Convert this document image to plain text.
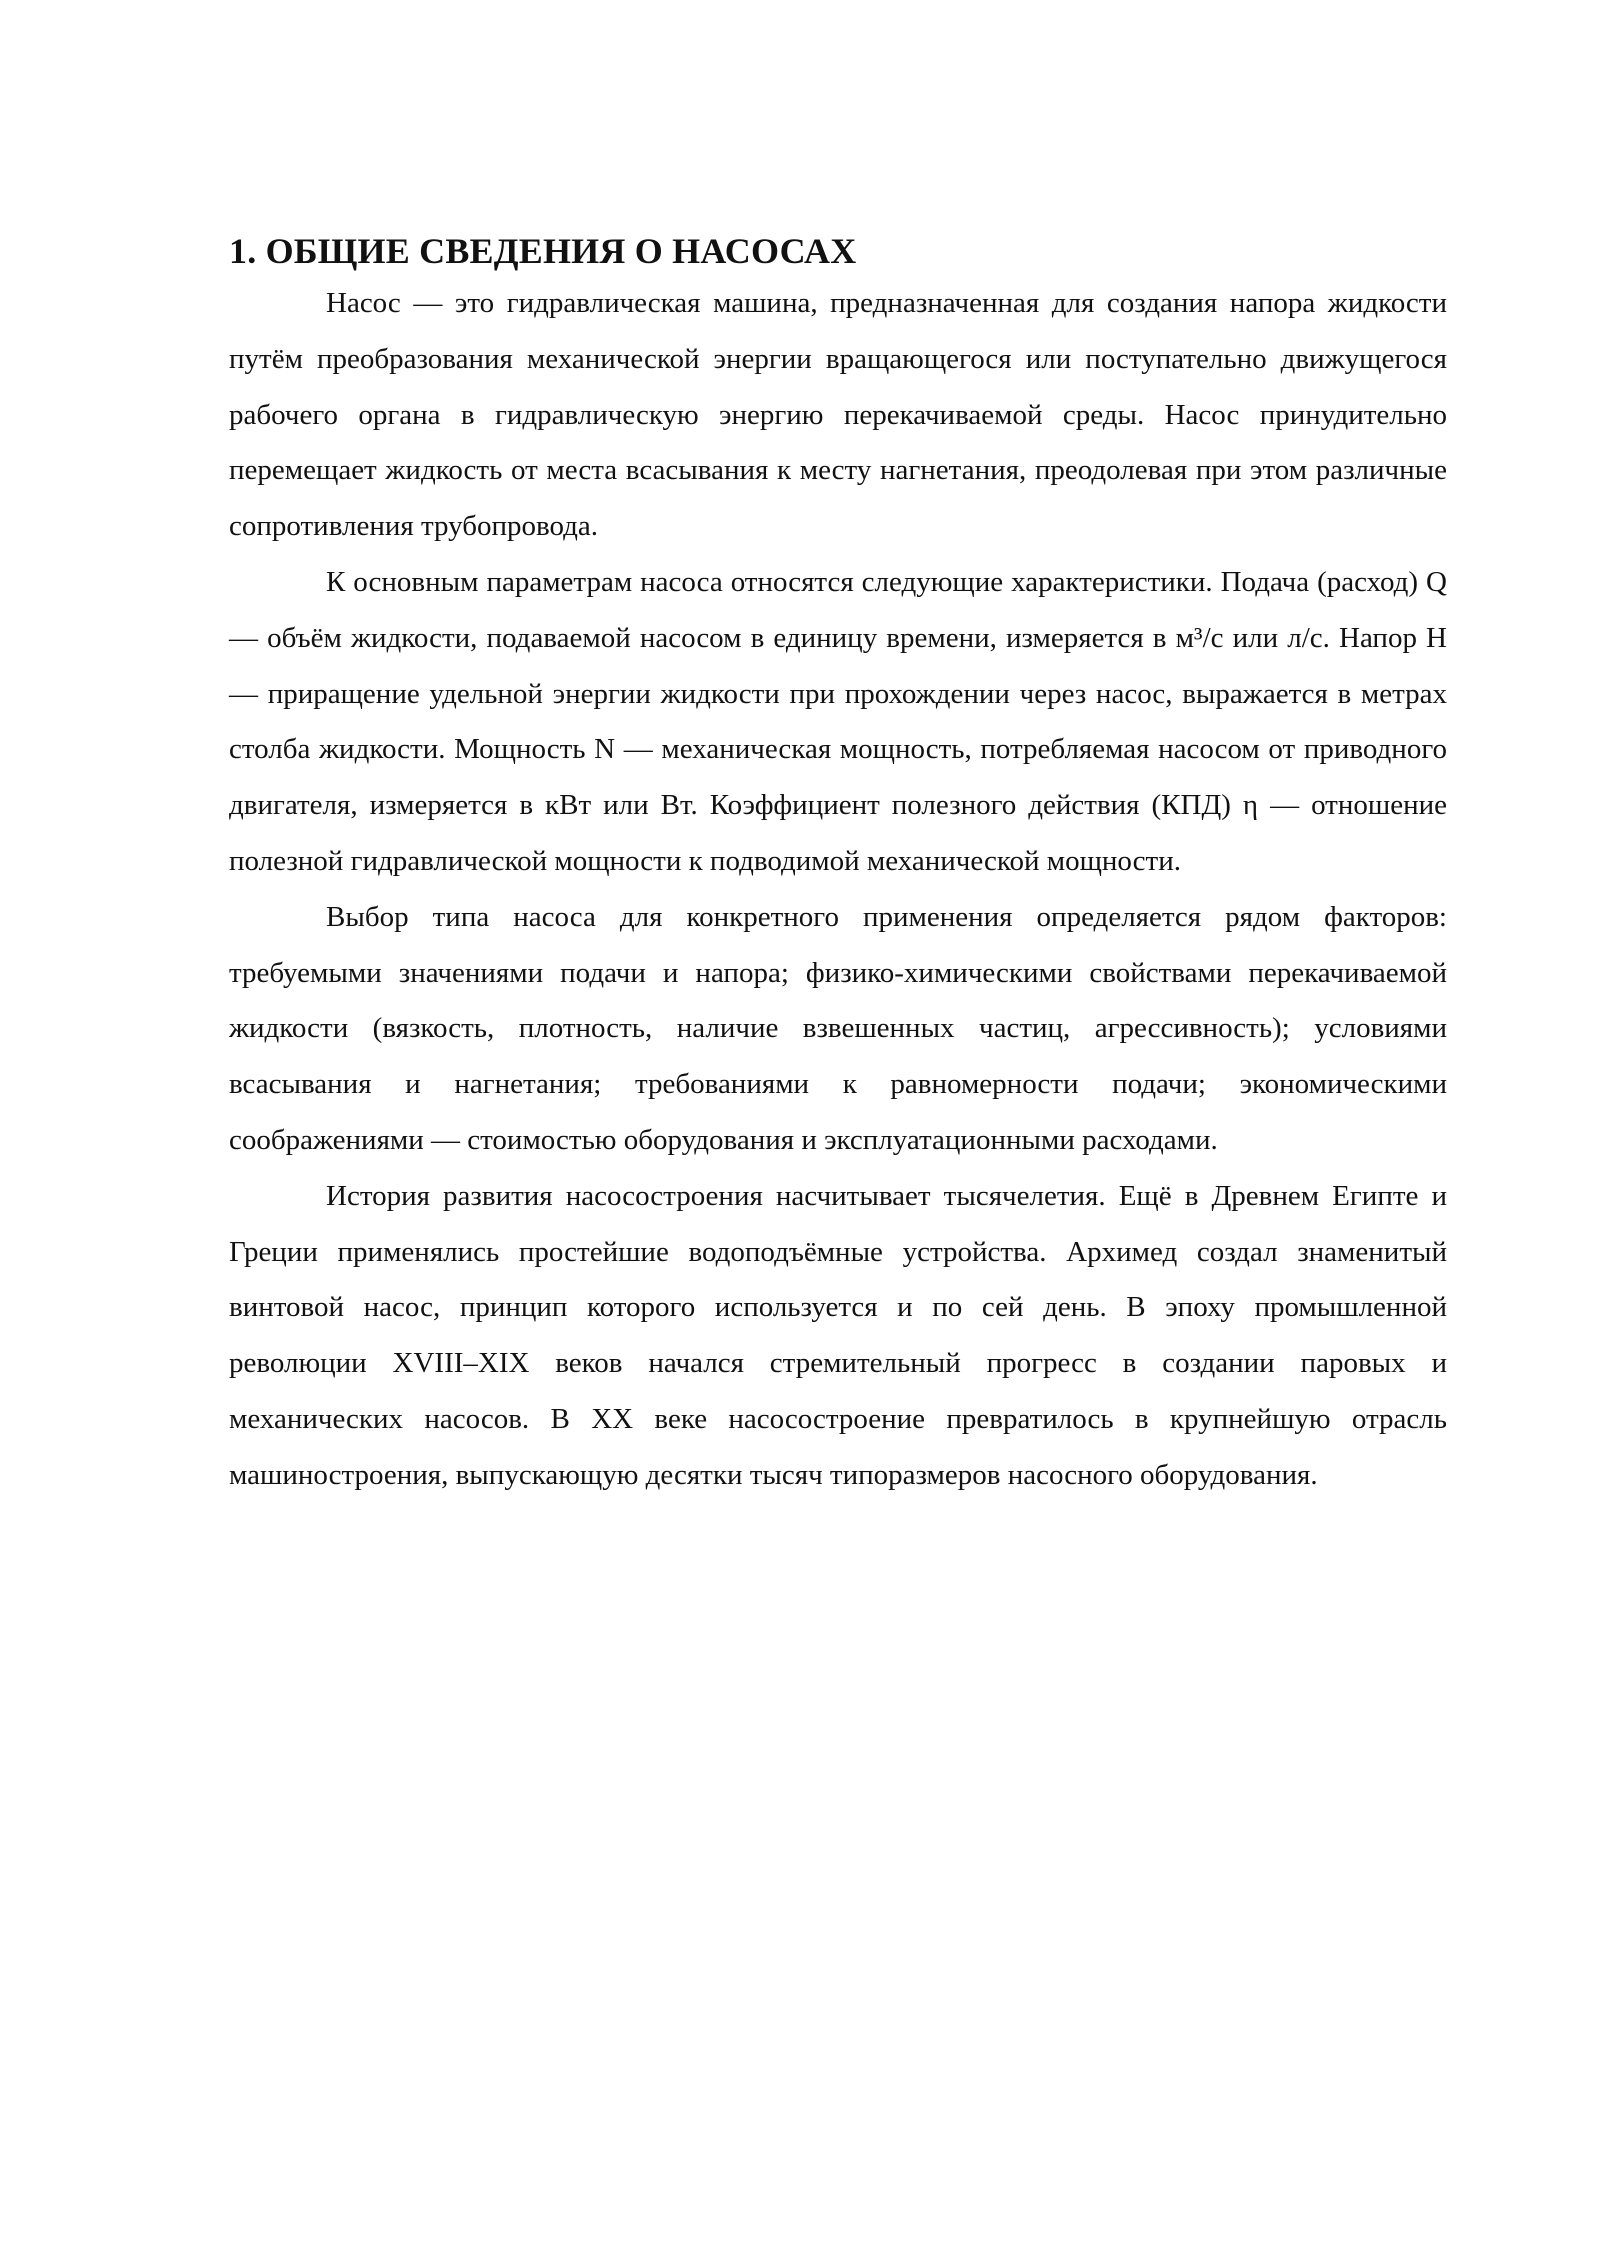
1. ОБЩИЕ СВЕДЕНИЯ О НАСОСАХ

Насос — это гидравлическая машина, предназначенная для создания напора жидкости путём преобразования механической энергии вращающегося или поступательно движущегося рабочего органа в гидравлическую энергию перекачиваемой среды. Насос принудительно перемещает жидкость от места всасывания к месту нагнетания, преодолевая при этом различные сопротивления трубопровода.

К основным параметрам насоса относятся следующие характеристики. Подача (расход) Q — объём жидкости, подаваемой насосом в единицу времени, измеряется в м³/с или л/с. Напор H — приращение удельной энергии жидкости при прохождении через насос, выражается в метрах столба жидкости. Мощность N — механическая мощность, потребляемая насосом от приводного двигателя, измеряется в кВт или Вт. Коэффициент полезного действия (КПД) η — отношение полезной гидравлической мощности к подводимой механической мощности.

Выбор типа насоса для конкретного применения определяется рядом факторов: требуемыми значениями подачи и напора; физико-химическими свойствами перекачиваемой жидкости (вязкость, плотность, наличие взвешенных частиц, агрессивность); условиями всасывания и нагнетания; требованиями к равномерности подачи; экономическими соображениями — стоимостью оборудования и эксплуатационными расходами.

История развития насосостроения насчитывает тысячелетия. Ещё в Древнем Египте и Греции применялись простейшие водоподъёмные устройства. Архимед создал знаменитый винтовой насос, принцип которого используется и по сей день. В эпоху промышленной революции XVIII–XIX веков начался стремительный прогресс в создании паровых и механических насосов. В XX веке насосостроение превратилось в крупнейшую отрасль машиностроения, выпускающую десятки тысяч типоразмеров насосного оборудования.
